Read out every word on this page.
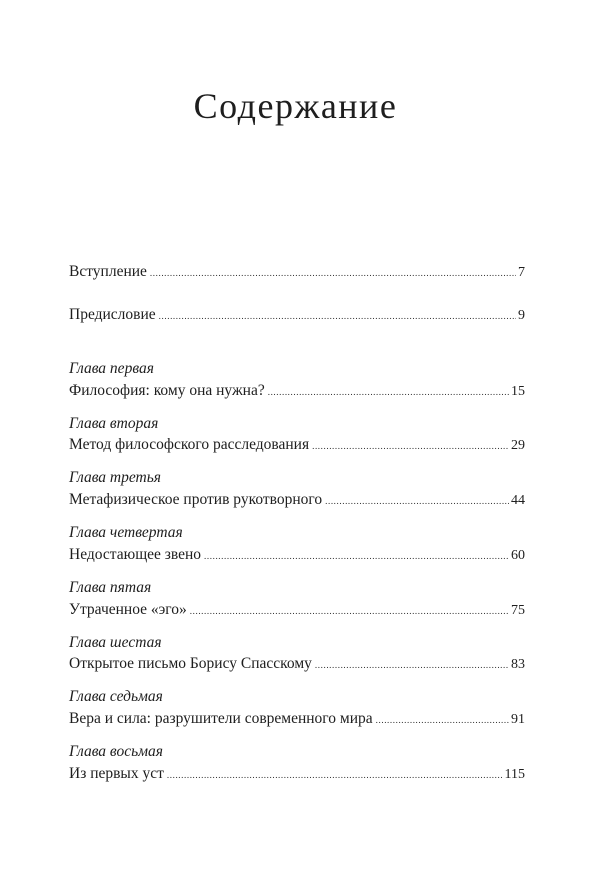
Содержание
Вступление .....	7
Предисловие .....	9
Глава первая
Философия: кому она нужна? .....	15
Глава вторая
Метод философского расследования .....	29
Глава третья
Метафизическое против рукотворного .....	44
Глава четвертая
Недостающее звено .....	60
Глава пятая
Утраченное «эго» .....	75
Глава шестая
Открытое письмо Борису Спасскому .....	83
Глава седьмая
Вера и сила: разрушители современного мира .....	91
Глава восьмая
Из первых уст .....	115
